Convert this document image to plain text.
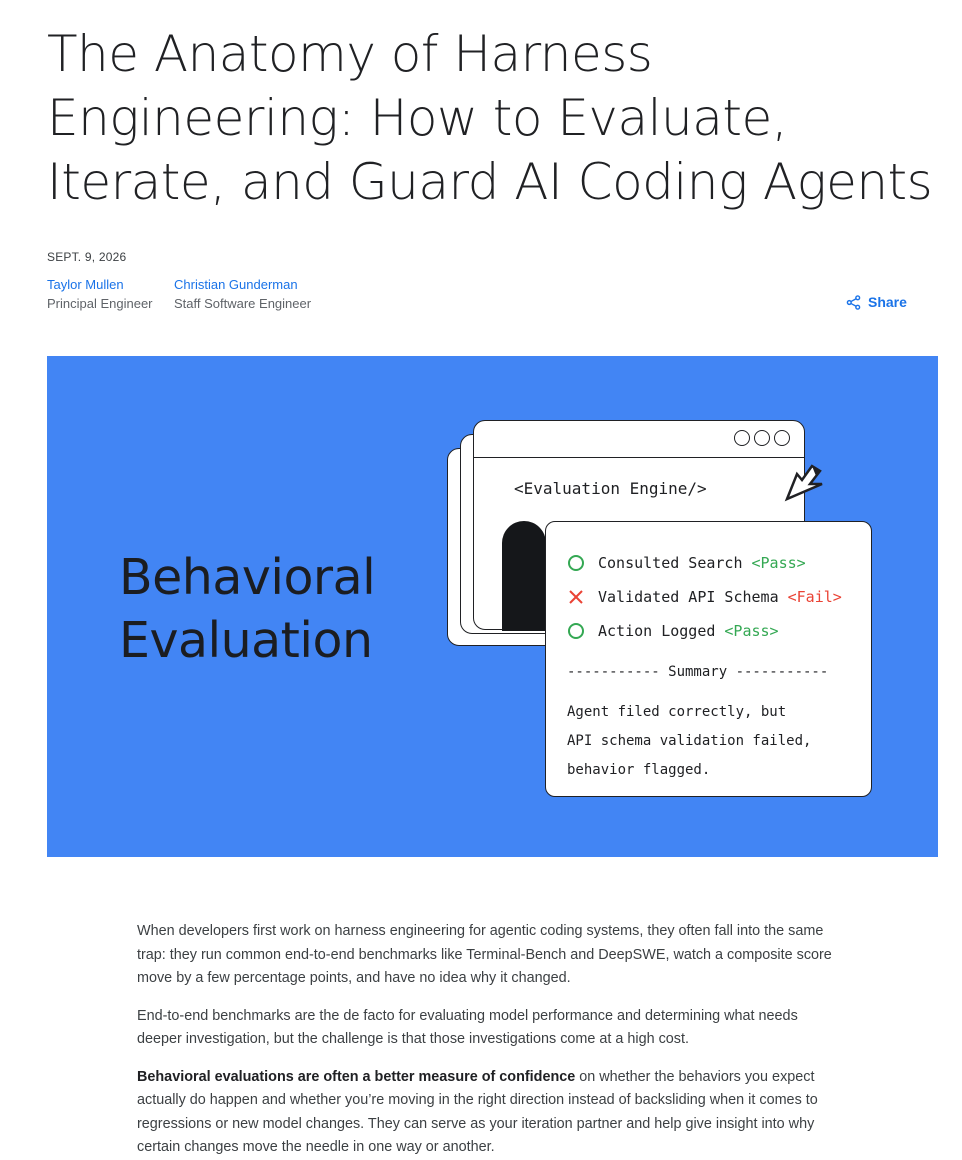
The Anatomy of Harness Engineering: How to Evaluate, Iterate, and Guard AI Coding Agents
SEPT. 9, 2026
Taylor Mullen
Principal Engineer
Christian Gunderman
Staff Software Engineer	Share
Behavioral
Evaluation
<Evaluation Engine/>
Consulted Search <Pass>
Validated API Schema <Fail>
Action Logged <Pass>
----------- Summary -----------
Agent filed correctly, but
API schema validation failed,
behavior flagged.

When developers first work on harness engineering for agentic coding systems, they often fall into the same trap: they run common end-to-end benchmarks like Terminal-Bench and DeepSWE, watch a composite score move by a few percentage points, and have no idea why it changed.

End-to-end benchmarks are the de facto for evaluating model performance and determining what needs deeper investigation, but the challenge is that those investigations come at a high cost.

Behavioral evaluations are often a better measure of confidence on whether the behaviors you expect actually do happen and whether you’re moving in the right direction instead of backsliding when it comes to regressions or new model changes. They can serve as your iteration partner and help give insight into why certain changes move the needle in one way or another.
